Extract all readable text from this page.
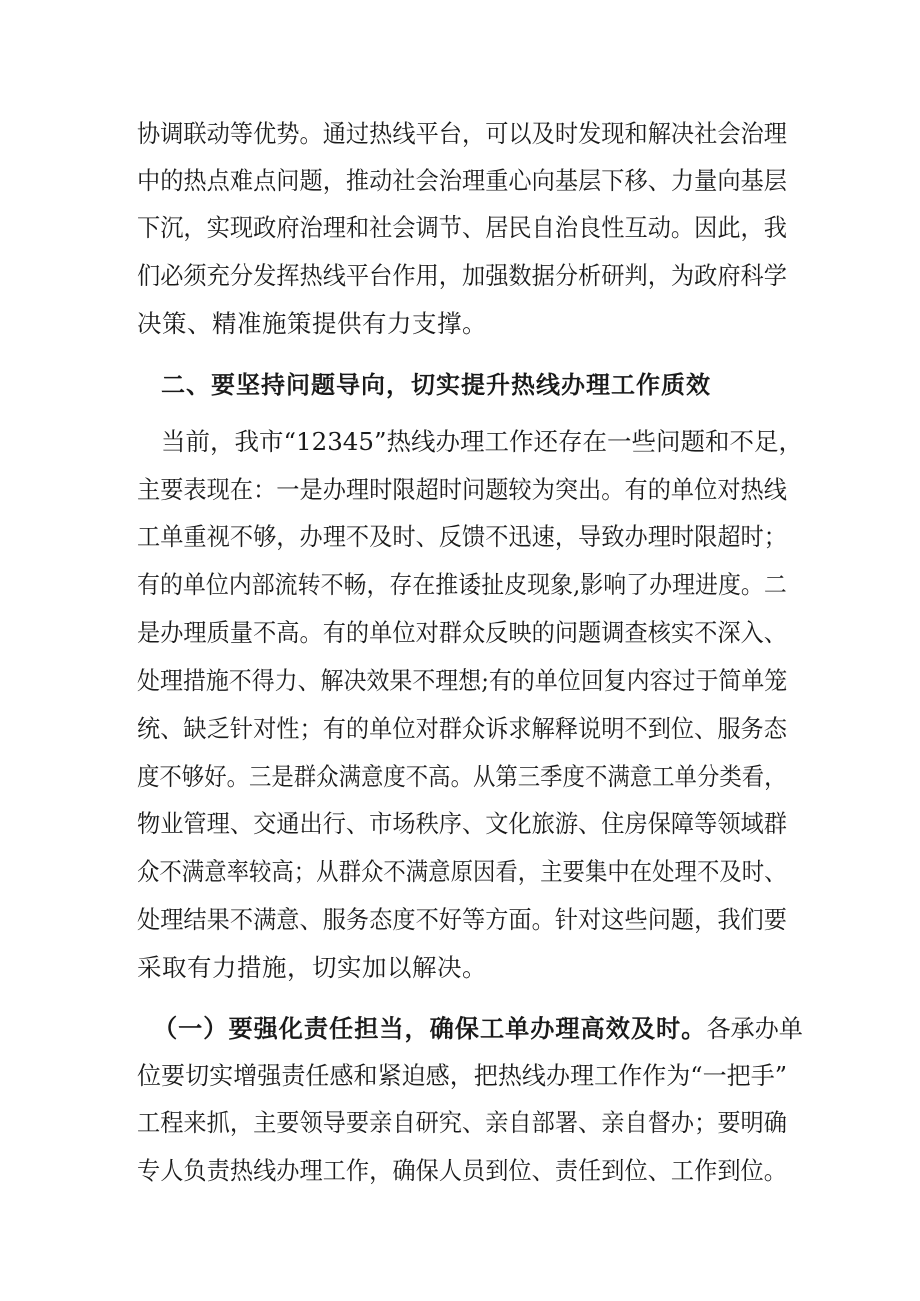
协调联动等优势。通过热线平台，可以及时发现和解决社会治理
中的热点难点问题，推动社会治理重心向基层下移、力量向基层
下沉，实现政府治理和社会调节、居民自治良性互动。因此，我
们必须充分发挥热线平台作用，加强数据分析研判，为政府科学
决策、精准施策提供有力支撑。
二、要坚持问题导向，切实提升热线办理工作质效
当前，我市“12345”热线办理工作还存在一些问题和不足，
主要表现在：一是办理时限超时问题较为突出。有的单位对热线
工单重视不够，办理不及时、反馈不迅速，导致办理时限超时；
有的单位内部流转不畅，存在推诿扯皮现象,影响了办理进度。二
是办理质量不高。有的单位对群众反映的问题调查核实不深入、
处理措施不得力、解决效果不理想;有的单位回复内容过于简单笼
统、缺乏针对性；有的单位对群众诉求解释说明不到位、服务态
度不够好。三是群众满意度不高。从第三季度不满意工单分类看，
物业管理、交通出行、市场秩序、文化旅游、住房保障等领域群
众不满意率较高；从群众不满意原因看，主要集中在处理不及时、
处理结果不满意、服务态度不好等方面。针对这些问题，我们要
采取有力措施，切实加以解决。
（一）要强化责任担当，确保工单办理高效及时。各承办单
位要切实增强责任感和紧迫感，把热线办理工作作为“一把手”
工程来抓，主要领导要亲自研究、亲自部署、亲自督办；要明确
专人负责热线办理工作，确保人员到位、责任到位、工作到位。
